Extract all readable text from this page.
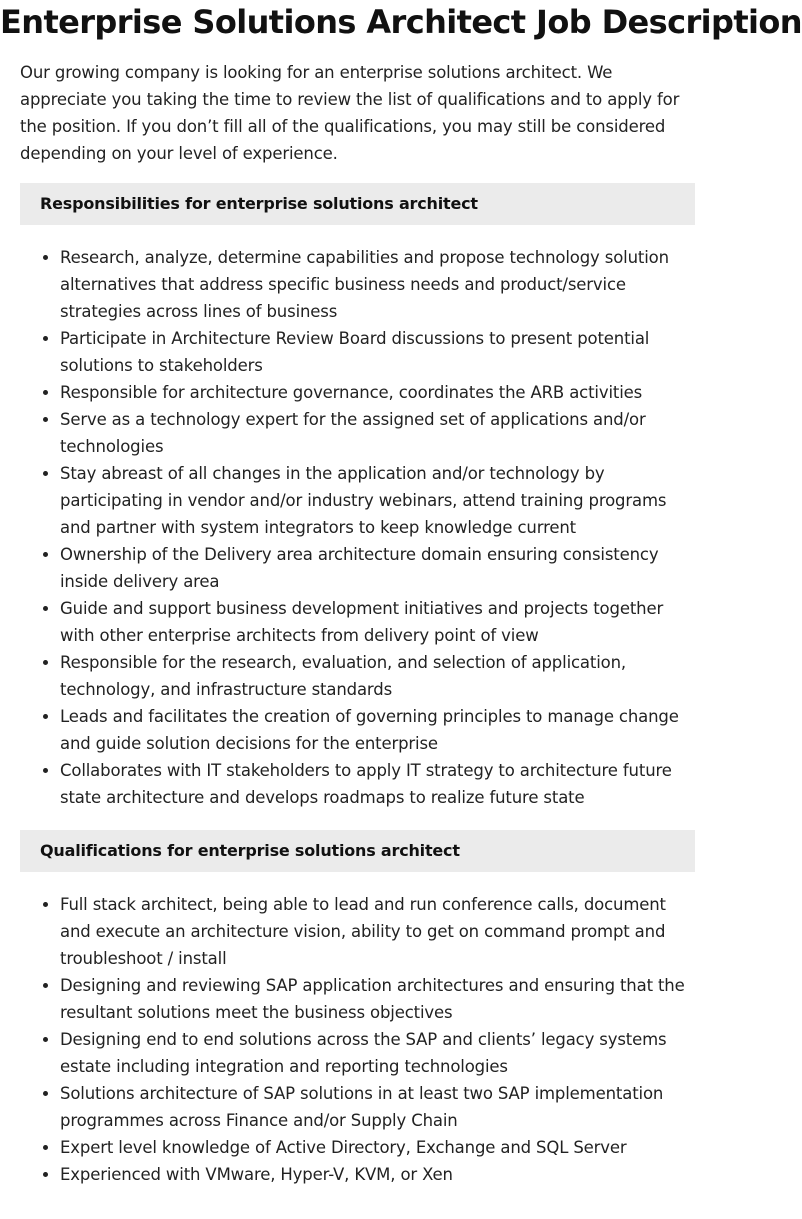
Enterprise Solutions Architect Job Description

Our growing company is looking for an enterprise solutions architect. We appreciate you taking the time to review the list of qualifications and to apply for the position. If you don’t fill all of the qualifications, you may still be considered depending on your level of experience.

Responsibilities for enterprise solutions architect
• Research, analyze, determine capabilities and propose technology solution alternatives that address specific business needs and product/service strategies across lines of business
• Participate in Architecture Review Board discussions to present potential solutions to stakeholders
• Responsible for architecture governance, coordinates the ARB activities
• Serve as a technology expert for the assigned set of applications and/or technologies
• Stay abreast of all changes in the application and/or technology by participating in vendor and/or industry webinars, attend training programs and partner with system integrators to keep knowledge current
• Ownership of the Delivery area architecture domain ensuring consistency inside delivery area
• Guide and support business development initiatives and projects together with other enterprise architects from delivery point of view
• Responsible for the research, evaluation, and selection of application, technology, and infrastructure standards
• Leads and facilitates the creation of governing principles to manage change and guide solution decisions for the enterprise
• Collaborates with IT stakeholders to apply IT strategy to architecture future state architecture and develops roadmaps to realize future state
Qualifications for enterprise solutions architect
• Full stack architect, being able to lead and run conference calls, document and execute an architecture vision, ability to get on command prompt and troubleshoot / install
• Designing and reviewing SAP application architectures and ensuring that the resultant solutions meet the business objectives
• Designing end to end solutions across the SAP and clients’ legacy systems estate including integration and reporting technologies
• Solutions architecture of SAP solutions in at least two SAP implementation programmes across Finance and/or Supply Chain
• Expert level knowledge of Active Directory, Exchange and SQL Server
• Experienced with VMware, Hyper-V, KVM, or Xen
